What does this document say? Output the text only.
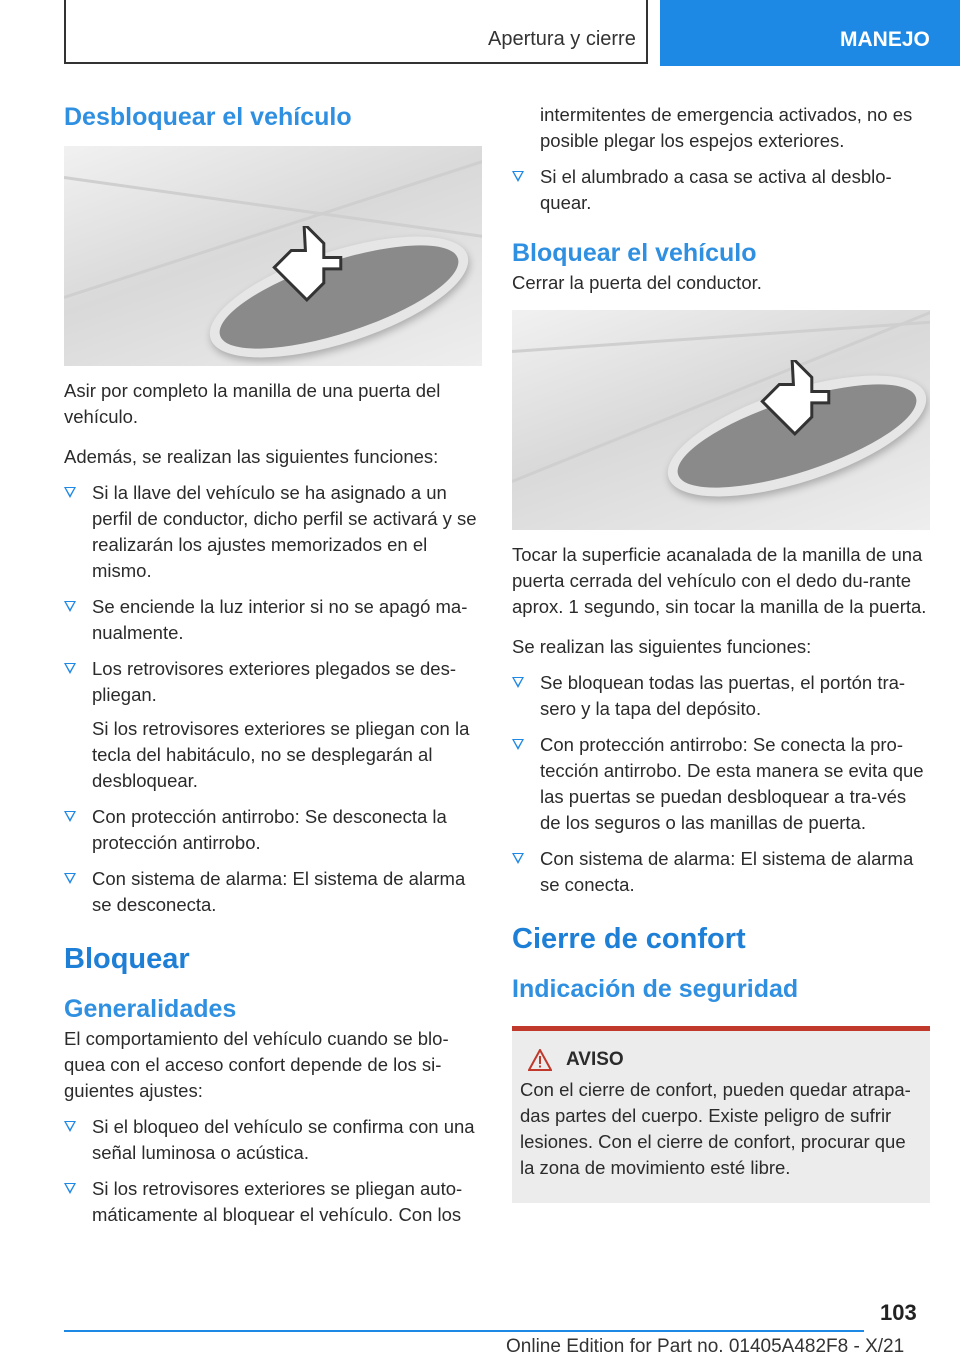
Apertura y cierre	MANEJO
Desbloquear el vehículo

Asir por completo la manilla de una puerta del vehículo.

Además, se realizan las siguientes funciones:

Si la llave del vehículo se ha asignado a un perfil de conductor, dicho perfil se activará y se realizarán los ajustes memorizados en el mismo.
Se enciende la luz interior si no se apagó ma‐nualmente.
Los retrovisores exteriores plegados se des‐pliegan.
Si los retrovisores exteriores se pliegan con la tecla del habitáculo, no se desplegarán al desbloquear.
Con protección antirrobo: Se desconecta la protección antirrobo.
Con sistema de alarma: El sistema de alarma se desconecta.
Bloquear
Generalidades

El comportamiento del vehículo cuando se blo‐quea con el acceso confort depende de los si‐guientes ajustes:

Si el bloqueo del vehículo se confirma con una señal luminosa o acústica.
Si los retrovisores exteriores se pliegan auto‐máticamente al bloquear el vehículo. Con los
intermitentes de emergencia activados, no es posible plegar los espejos exteriores.
Si el alumbrado a casa se activa al desblo‐quear.
Bloquear el vehículo

Cerrar la puerta del conductor.

Tocar la superficie acanalada de la manilla de una puerta cerrada del vehículo con el dedo du‐rante aprox. 1 segundo, sin tocar la manilla de la puerta.

Se realizan las siguientes funciones:

Se bloquean todas las puertas, el portón tra‐sero y la tapa del depósito.
Con protección antirrobo: Se conecta la pro‐tección antirrobo. De esta manera se evita que las puertas se puedan desbloquear a tra‐vés de los seguros o las manillas de puerta.
Con sistema de alarma: El sistema de alarma se conecta.
Cierre de confort
Indicación de seguridad
AVISO

Con el cierre de confort, pueden quedar atrapa‐das partes del cuerpo. Existe peligro de sufrir lesiones. Con el cierre de confort, procurar que la zona de movimiento esté libre.

103
Online Edition for Part no. 01405A482F8 - X/21
